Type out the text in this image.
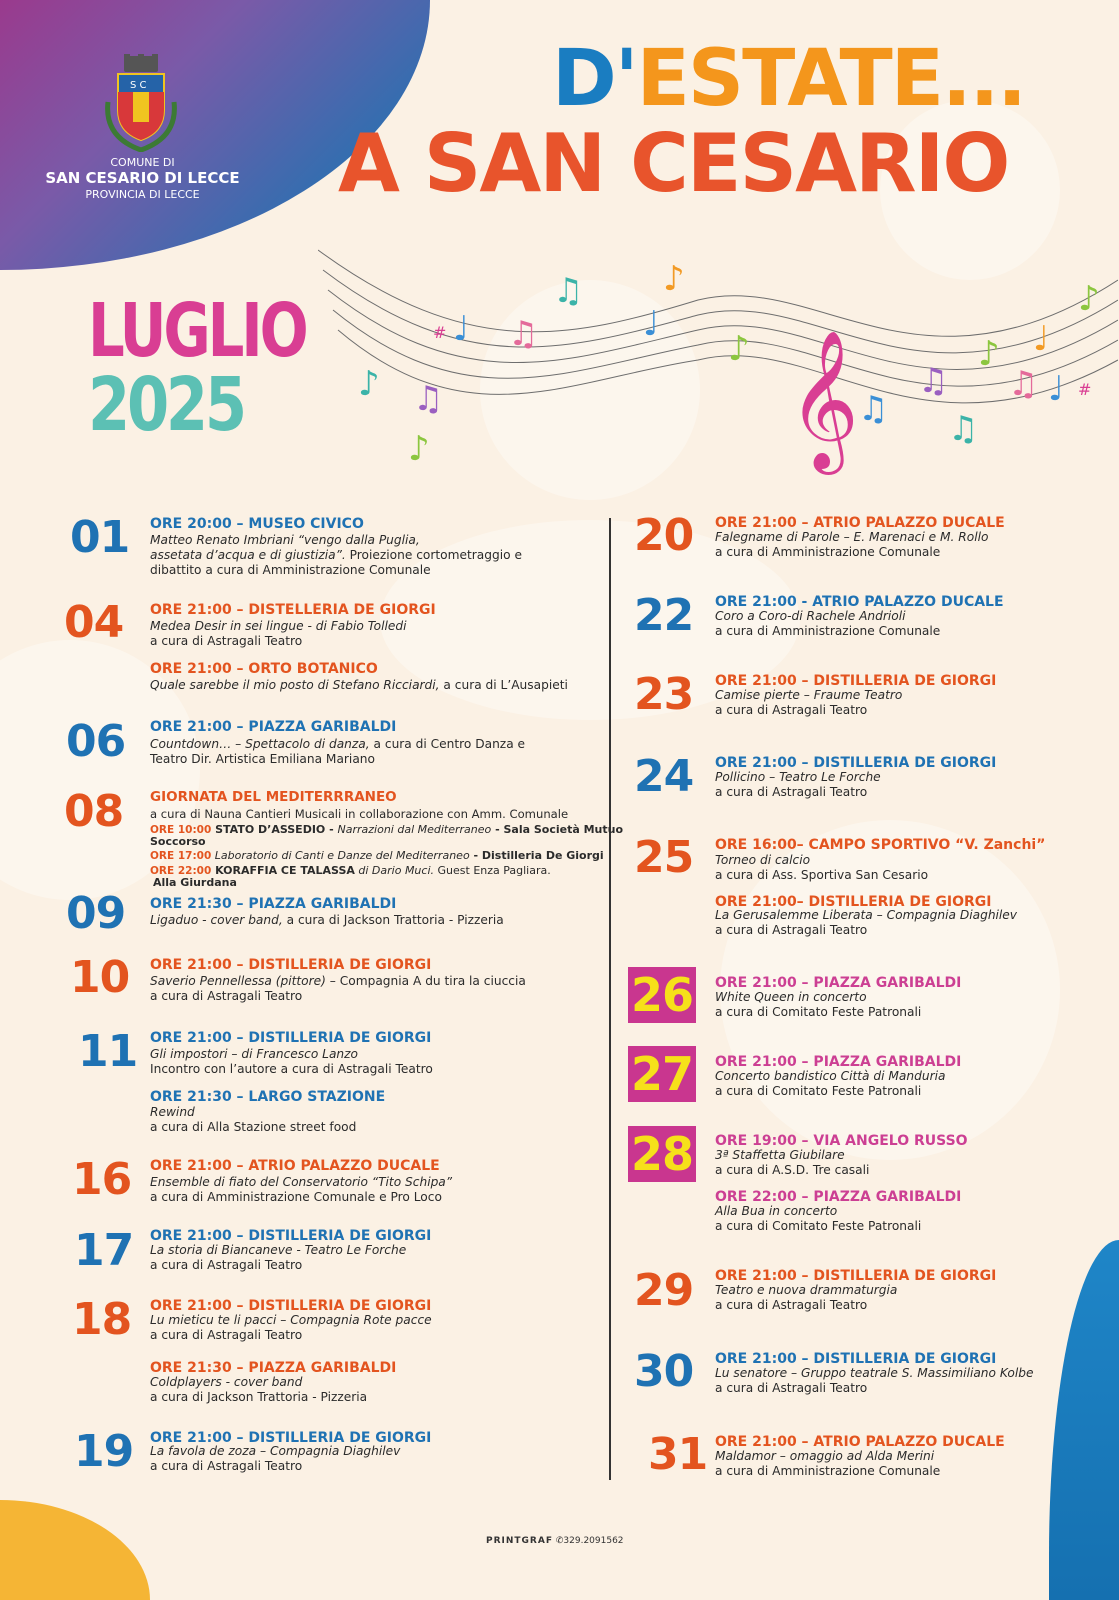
S C
COMUNE DI
SAN CESARIO DI LECCE
PROVINCIA DI LECCE
D'ESTATE...
A SAN CESARIO
LUGLIO
2025	𝄞
♪
♩ ♫
♫
♪
♫ ♪
♩
♪
♫
♫
♫
♪ ♩
♫ ♩
♪
#
#
01 ORE 20:00 – MUSEO CIVICO
Matteo Renato Imbriani “vengo dalla Puglia,
assetata d’acqua e di giustizia”. Proiezione cortometraggio e
dibattito a cura di Amministrazione Comunale
04 ORE 21:00 – DISTELLERIA DE GIORGI
Medea Desir in sei lingue - di Fabio Tolledi
a cura di Astragali Teatro
ORE 21:00 – ORTO BOTANICO
Quale sarebbe il mio posto di Stefano Ricciardi, a cura di L’Ausapieti
06 ORE 21:00 – PIAZZA GARIBALDI
Countdown… – Spettacolo di danza, a cura di Centro Danza e
Teatro Dir. Artistica Emiliana Mariano
08 GIORNATA DEL MEDITERRRANEO
a cura di Nauna Cantieri Musicali in collaborazione con Amm. Comunale
ORE 10:00 STATO D’ASSEDIO - Narrazioni dal Mediterraneo - Sala Società Mutuo
Soccorso
ORE 17:00 Laboratorio di Canti e Danze del Mediterraneo - Distilleria De Giorgi
ORE 22:00 KORAFFIA CE TALASSA di Dario Muci. Guest Enza Pagliara.
Alla Giurdana
09 ORE 21:30 – PIAZZA GARIBALDI
Ligaduo - cover band, a cura di Jackson Trattoria - Pizzeria
10 ORE 21:00 – DISTILLERIA DE GIORGI
Saverio Pennellessa (pittore) – Compagnia A du tira la ciuccia
a cura di Astragali Teatro
11 ORE 21:00 – DISTILLERIA DE GIORGI
Gli impostori – di Francesco Lanzo
Incontro con l’autore a cura di Astragali Teatro
ORE 21:30 – LARGO STAZIONE
Rewind
a cura di Alla Stazione street food
16 ORE 21:00 – ATRIO PALAZZO DUCALE
Ensemble di fiato del Conservatorio “Tito Schipa”
a cura di Amministrazione Comunale e Pro Loco
17 ORE 21:00 – DISTILLERIA DE GIORGI
La storia di Biancaneve - Teatro Le Forche
a cura di Astragali Teatro
18 ORE 21:00 – DISTILLERIA DE GIORGI
Lu mieticu te li pacci – Compagnia Rote pacce
a cura di Astragali Teatro
ORE 21:30 – PIAZZA GARIBALDI
Coldplayers - cover band
a cura di Jackson Trattoria - Pizzeria
19 ORE 21:00 – DISTILLERIA DE GIORGI
La favola de zoza – Compagnia Diaghilev
a cura di Astragali Teatro
20 ORE 21:00 – ATRIO PALAZZO DUCALE
Falegname di Parole – E. Marenaci e M. Rollo
a cura di Amministrazione Comunale
22 ORE 21:00 - ATRIO PALAZZO DUCALE
Coro a Coro-di Rachele Andrioli
a cura di Amministrazione Comunale
23 ORE 21:00 – DISTILLERIA DE GIORGI
Camise pierte – Fraume Teatro
a cura di Astragali Teatro
24 ORE 21:00 – DISTILLERIA DE GIORGI
Pollicino – Teatro Le Forche
a cura di Astragali Teatro
25 ORE 16:00– CAMPO SPORTIVO “V. Zanchi”
Torneo di calcio
a cura di Ass. Sportiva San Cesario
ORE 21:00– DISTILLERIA DE GIORGI
La Gerusalemme Liberata – Compagnia Diaghilev
a cura di Astragali Teatro
26 ORE 21:00 – PIAZZA GARIBALDI
White Queen in concerto
a cura di Comitato Feste Patronali
27 ORE 21:00 – PIAZZA GARIBALDI
Concerto bandistico Città di Manduria
a cura di Comitato Feste Patronali
28 ORE 19:00 – VIA ANGELO RUSSO
3ª Staffetta Giubilare
a cura di A.S.D. Tre casali
ORE 22:00 – PIAZZA GARIBALDI
Alla Bua in concerto
a cura di Comitato Feste Patronali
29 ORE 21:00 – DISTILLERIA DE GIORGI
Teatro e nuova drammaturgia
a cura di Astragali Teatro
30 ORE 21:00 – DISTILLERIA DE GIORGI
Lu senatore – Gruppo teatrale S. Massimiliano Kolbe
a cura di Astragali Teatro
31 ORE 21:00 – ATRIO PALAZZO DUCALE
Maldamor – omaggio ad Alda Merini
a cura di Amministrazione Comunale
PRINTGRAF ✆329.2091562
